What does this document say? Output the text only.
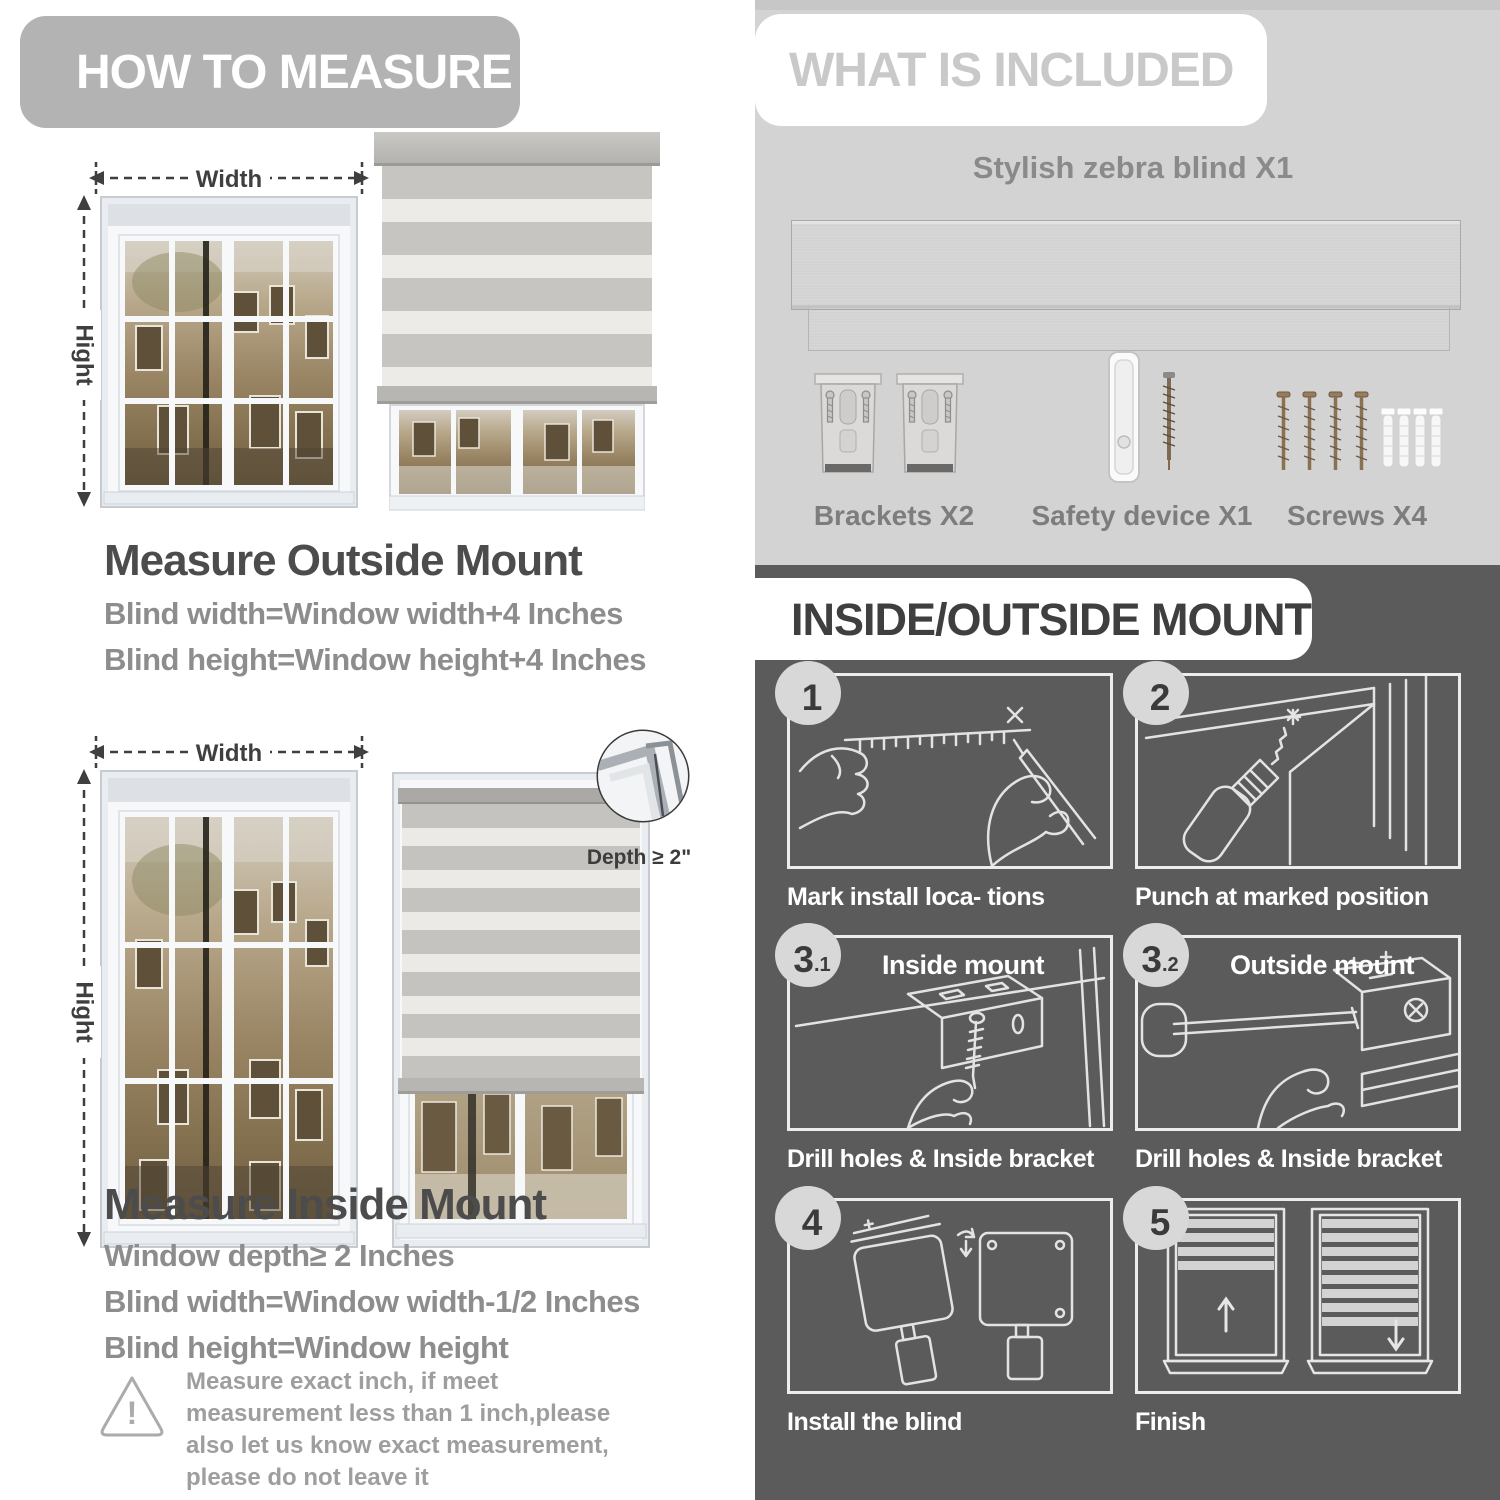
HOW TO MEASURE
Width
Hight
Measure Outside Mount
Blind width=Window width+4 Inches
Blind height=Window height+4 Inches
Width
Hight
Depth ≥ 2"
Measure Inside Mount
Window depth≥ 2 Inches
Blind width=Window width-1/2 Inches
Blind height=Window height
!
Measure exact inch, if meet measurement less than 1 inch,please also let us know exact measurement, please do not leave it
WHAT IS INCLUDED
Stylish zebra blind X1
Brackets X2	Safety device X1	Screws X4
INSIDE/OUTSIDE MOUNT
Mark install loca- tions
1
Punch at marked position
2
Inside mount
Drill holes & Inside bracket
3 .1	Outside mount
Drill holes & Inside bracket
3 .2
Install the blind
4
Finish
5
